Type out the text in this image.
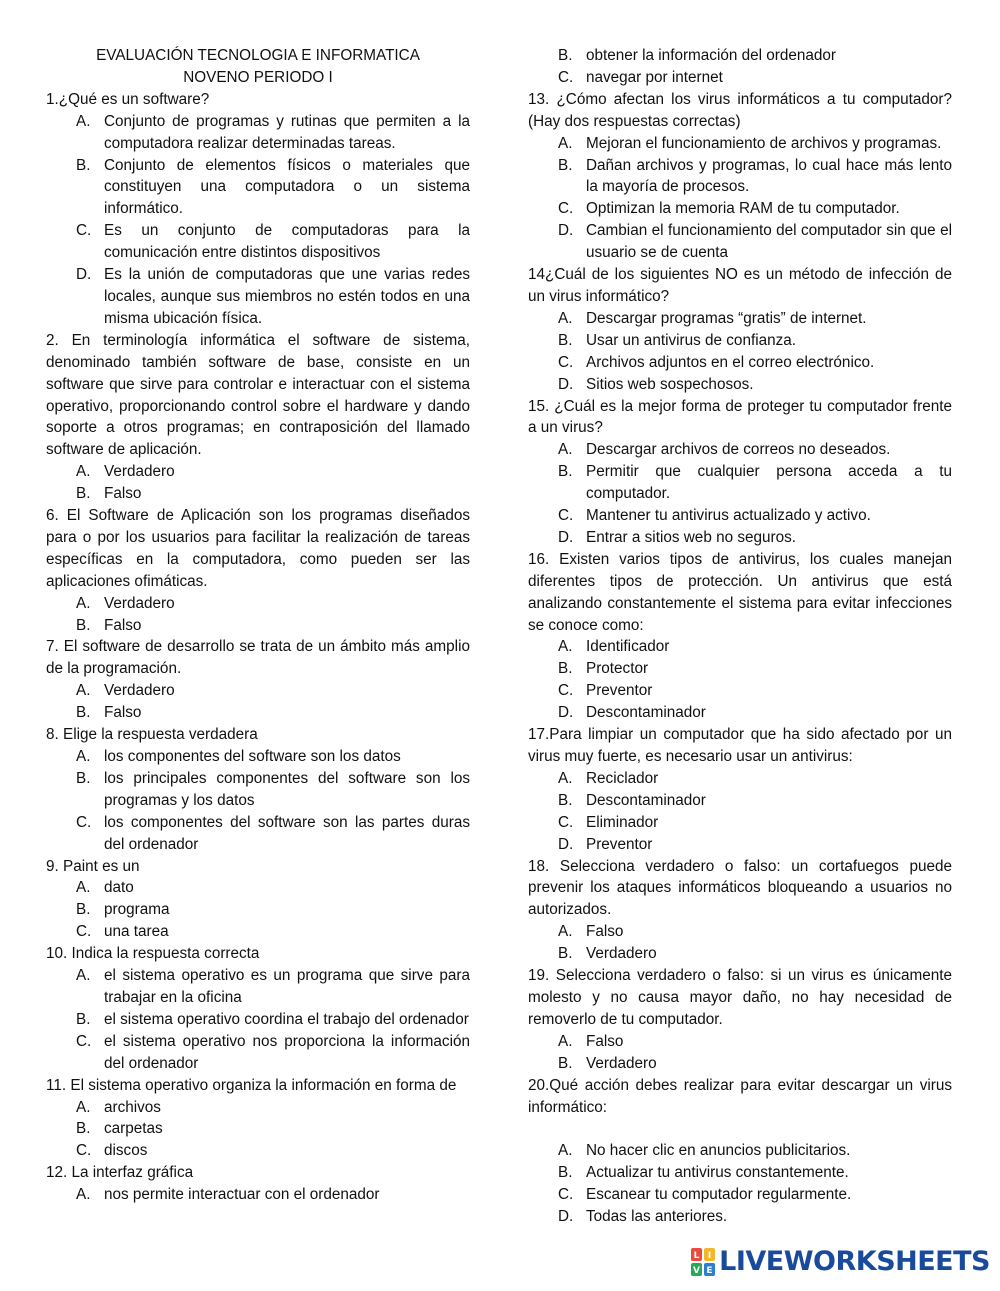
EVALUACIÓN TECNOLOGIA E INFORMATICA
NOVENO PERIODO I
1.¿Qué es un software?
A. Conjunto de programas y rutinas que permiten a la computadora realizar determinadas tareas.
B. Conjunto de elementos físicos o materiales que constituyen una computadora o un sistema informático.
C. Es un conjunto de computadoras para la comunicación entre distintos dispositivos
D. Es la unión de computadoras que une varias redes locales, aunque sus miembros no estén todos en una misma ubicación física.
2. En terminología informática el software de sistema, denominado también software de base, consiste en un software que sirve para controlar e interactuar con el sistema operativo, proporcionando control sobre el hardware y dando soporte a otros programas; en contraposición del llamado software de aplicación.
A. Verdadero
B. Falso
6. El Software de Aplicación son los programas diseñados para o por los usuarios para facilitar la realización de tareas específicas en la computadora, como pueden ser las aplicaciones ofimáticas.
A. Verdadero
B. Falso
7. El software de desarrollo se trata de un ámbito más amplio de la programación.
A. Verdadero
B. Falso
8. Elige la respuesta verdadera
A. los componentes del software son los datos
B. los principales componentes del software son los programas y los datos
C. los componentes del software son las partes duras del ordenador
9. Paint es un
A. dato
B. programa
C. una tarea
10. Indica la respuesta correcta
A. el sistema operativo es un programa que sirve para trabajar en la oficina
B. el sistema operativo coordina el trabajo del ordenador
C. el sistema operativo nos proporciona la información del ordenador
11. El sistema operativo organiza la información en forma de
A. archivos
B. carpetas
C. discos
12. La interfaz gráfica
A. nos permite interactuar con el ordenador
B. obtener la información del ordenador
C. navegar por internet
13. ¿Cómo afectan los virus informáticos a tu computador? (Hay dos respuestas correctas)
A. Mejoran el funcionamiento de archivos y programas.
B. Dañan archivos y programas, lo cual hace más lento la mayoría de procesos.
C. Optimizan la memoria RAM de tu computador.
D. Cambian el funcionamiento del computador sin que el usuario se de cuenta
14¿Cuál de los siguientes NO es un método de infección de un virus informático?
A. Descargar programas “gratis” de internet.
B. Usar un antivirus de confianza.
C. Archivos adjuntos en el correo electrónico.
D. Sitios web sospechosos.
15. ¿Cuál es la mejor forma de proteger tu computador frente a un virus?
A. Descargar archivos de correos no deseados.
B. Permitir que cualquier persona acceda a tu computador.
C. Mantener tu antivirus actualizado y activo.
D. Entrar a sitios web no seguros.
16. Existen varios tipos de antivirus, los cuales manejan diferentes tipos de protección. Un antivirus que está analizando constantemente el sistema para evitar infecciones se conoce como:
A. Identificador
B. Protector
C. Preventor
D. Descontaminador
17.Para limpiar un computador que ha sido afectado por un virus muy fuerte, es necesario usar un antivirus:
A. Reciclador
B. Descontaminador
C. Eliminador
D. Preventor
18. Selecciona verdadero o falso: un cortafuegos puede prevenir los ataques informáticos bloqueando a usuarios no autorizados.
A. Falso
B. Verdadero
19. Selecciona verdadero o falso: si un virus es únicamente molesto y no causa mayor daño, no hay necesidad de removerlo de tu computador.
A. Falso
B. Verdadero
20.Qué acción debes realizar para evitar descargar un virus informático:
A. No hacer clic en anuncios publicitarios.
B. Actualizar tu antivirus constantemente.
C. Escanear tu computador regularmente.
D. Todas las anteriores.
L I
V E LIVEWORKSHEETS
